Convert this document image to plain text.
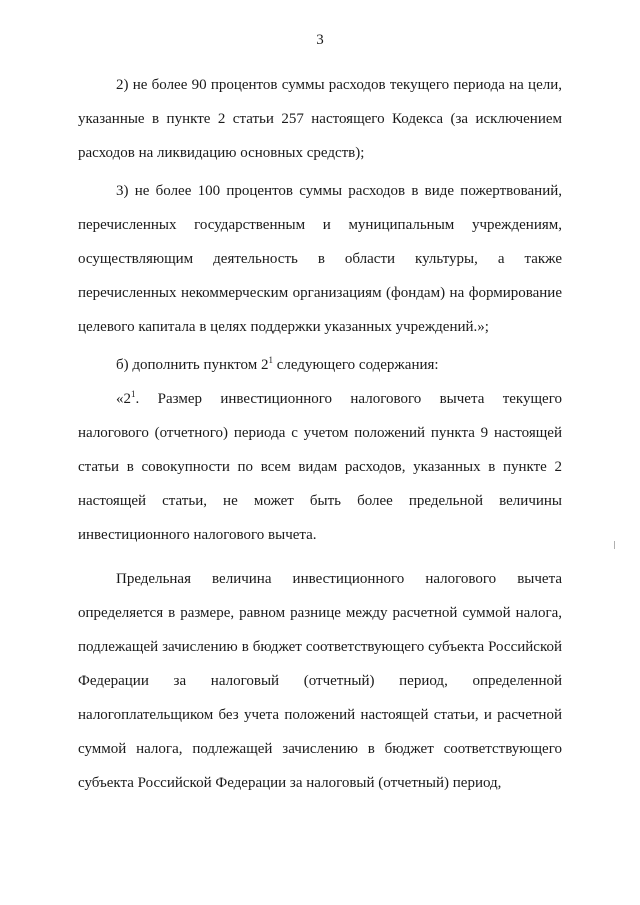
3

2) не более 90 процентов суммы расходов текущего периода на цели, указанные в пункте 2 статьи 257 настоящего Кодекса (за исключением расходов на ликвидацию основных средств);

3) не более 100 процентов суммы расходов в виде пожертвований, перечисленных государственным и муниципальным учреждениям, осуществляющим деятельность в области культуры, а также перечисленных некоммерческим организациям (фондам) на формирование целевого капитала в целях поддержки указанных учреждений.»;

б) дополнить пунктом $2^1$ следующего содержания:

«$2^1$. Размер инвестиционного налогового вычета текущего налогового (отчетного) периода с учетом положений пункта 9 настоящей статьи в совокупности по всем видам расходов, указанных в пункте 2 настоящей статьи, не может быть более предельной величины инвестиционного налогового вычета.

Предельная величина инвестиционного налогового вычета определяется в размере, равном разнице между расчетной суммой налога, подлежащей зачислению в бюджет соответствующего субъекта Российской Федерации за налоговый (отчетный) период, определенной налогоплательщиком без учета положений настоящей статьи, и расчетной суммой налога, подлежащей зачислению в бюджет соответствующего субъекта Российской Федерации за налоговый (отчетный) период,
